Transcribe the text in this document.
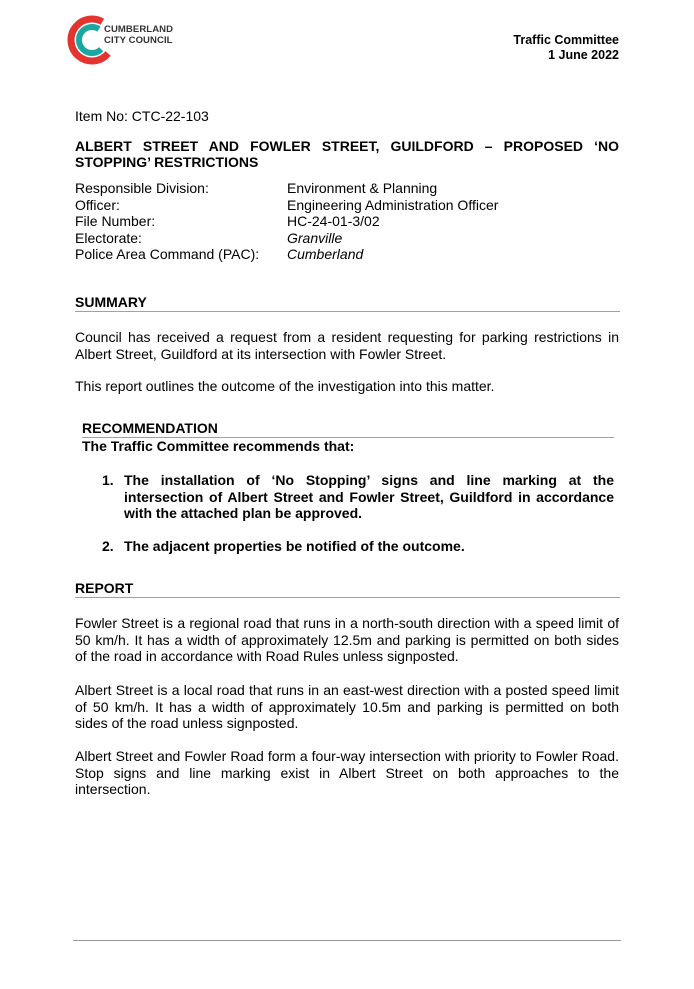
CUMBERLAND
CITY COUNCIL	Traffic Committee
1 June 2022
Item No: CTC-22-103
ALBERT STREET AND FOWLER STREET, GUILDFORD – PROPOSED ‘NO STOPPING’ RESTRICTIONS
Responsible Division:	Environment & Planning
Officer:	Engineering Administration Officer
File Number:	HC-24-01-3/02
Electorate:	Granville
Police Area Command (PAC):	Cumberland
SUMMARY
Council has received a request from a resident requesting for parking restrictions in Albert Street, Guildford at its intersection with Fowler Street.
This report outlines the outcome of the investigation into this matter.
RECOMMENDATION
The Traffic Committee recommends that:
1. The installation of ‘No Stopping’ signs and line marking at the intersection of Albert Street and Fowler Street, Guildford in accordance with the attached plan be approved.
2. The adjacent properties be notified of the outcome.
REPORT
Fowler Street is a regional road that runs in a north-south direction with a speed limit of 50 km/h. It has a width of approximately 12.5m and parking is permitted on both sides of the road in accordance with Road Rules unless signposted.
Albert Street is a local road that runs in an east-west direction with a posted speed limit of 50 km/h. It has a width of approximately 10.5m and parking is permitted on both sides of the road unless signposted.
Albert Street and Fowler Road form a four-way intersection with priority to Fowler Road. Stop signs and line marking exist in Albert Street on both approaches to the intersection.
